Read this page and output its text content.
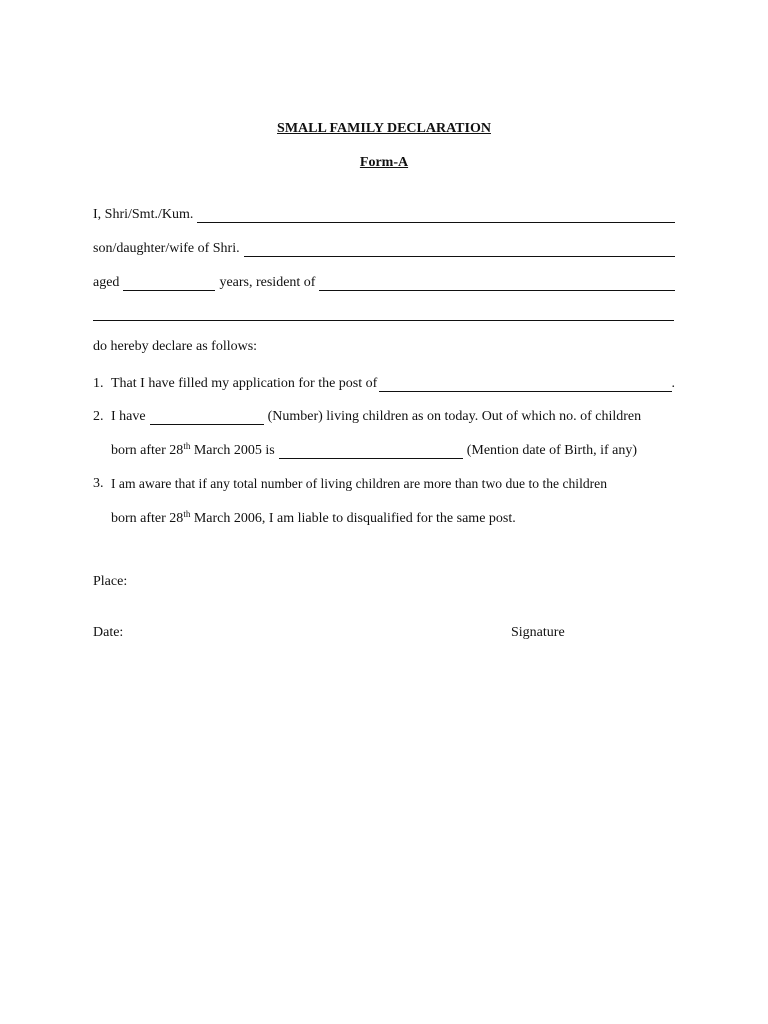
SMALL FAMILY DECLARATION
Form-A
I, Shri/Smt./Kum.
son/daughter/wife of Shri.
aged	years, resident of
do hereby declare as follows:
1. That I have filled my application for the post of	.
2. I have	(Number) living children as on today. Out of which no. of children
born after 28th March 2005 is	(Mention date of Birth, if any)
3. I am aware that if any total number of living children are more than two due to the children
born after 28th March 2006, I am liable to disqualified for the same post.
Place:
Date:	Signature
